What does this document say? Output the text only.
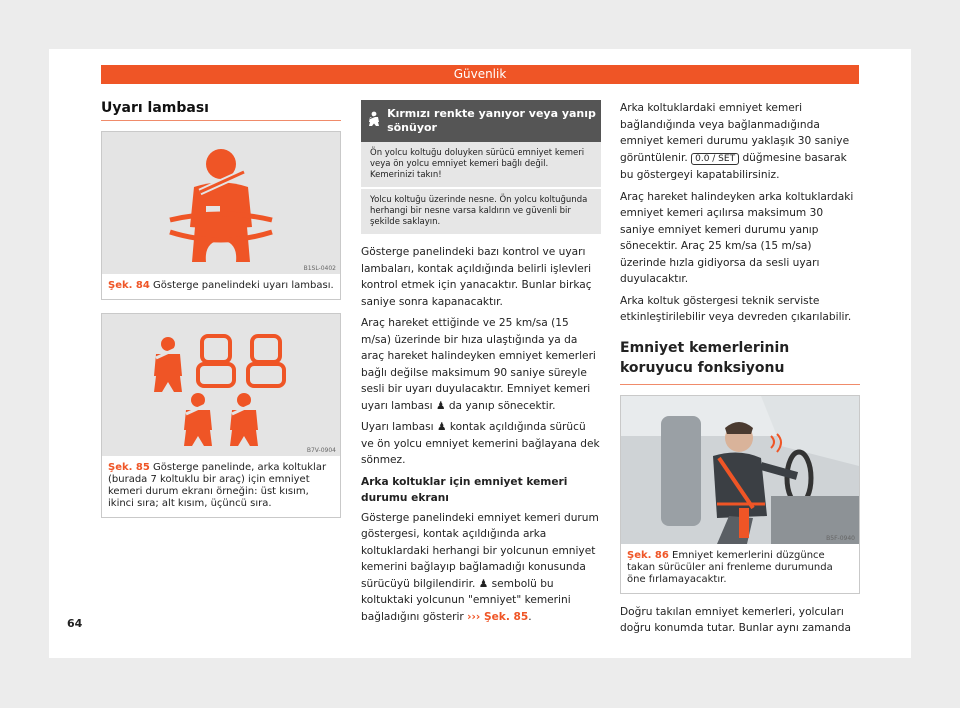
Güvenlik
Uyarı lambası
B1SL-0402
Şek. 84 Gösterge panelindeki uyarı lambası.
B7V-0904
Şek. 85 Gösterge panelinde, arka koltuklar (burada 7 koltuklu bir araç) için emniyet kemeri durum ekranı örneğin: üst kısım, ikinci sıra; alt kısım, üçüncü sıra.
Kırmızı renkte yanıyor veya yanıp sönüyor
Ön yolcu koltuğu doluyken sürücü emniyet kemeri veya ön yolcu emniyet kemeri bağlı değil. Kemerinizi takın!
Yolcu koltuğu üzerinde nesne. Ön yolcu koltuğunda herhangi bir nesne varsa kaldırın ve güvenli bir şekilde saklayın.

Gösterge panelindeki bazı kontrol ve uyarı lambaları, kontak açıldığında belirli işlevleri kontrol etmek için yanacaktır. Bunlar birkaç saniye sonra kapanacaktır.

Araç hareket ettiğinde ve 25 km/sa (15 m/sa) üzerinde bir hıza ulaştığında ya da araç hareket halindeyken emniyet kemerleri bağlı değilse maksimum 90 saniye süreyle sesli bir uyarı duyulacaktır. Emniyet kemeri uyarı lambası ♟ da yanıp sönecektir.

Uyarı lambası ♟ kontak açıldığında sürücü ve ön yolcu emniyet kemerini bağlayana dek sönmez.

Arka koltuklar için emniyet kemeri durumu ekranı

Gösterge panelindeki emniyet kemeri durum göstergesi, kontak açıldığında arka koltuklardaki herhangi bir yolcunun emniyet kemerini bağlayıp bağlamadığı konusunda sürücüyü bilgilendirir. ♟ sembolü bu koltuktaki yolcunun "emniyet" kemerini bağladığını gösterir ››› Şek. 85.

Arka koltuklardaki emniyet kemeri bağlandığında veya bağlanmadığında emniyet kemeri durumu yaklaşık 30 saniye görüntülenir. 0.0 / SET düğmesine basarak bu göstergeyi kapatabilirsiniz.

Araç hareket halindeyken arka koltuklardaki emniyet kemeri açılırsa maksimum 30 saniye emniyet kemeri durumu yanıp sönecektir. Araç 25 km/sa (15 m/sa) üzerinde hızla gidiyorsa da sesli uyarı duyulacaktır.

Arka koltuk göstergesi teknik serviste etkinleştirilebilir veya devreden çıkarılabilir.

Emniyet kemerlerinin koruyucu fonksiyonu
B5F-0940
Şek. 86 Emniyet kemerlerini düzgünce takan sürücüler ani frenleme durumunda öne fırlamayacaktır.

Doğru takılan emniyet kemerleri, yolcuları doğru konumda tutar. Bunlar aynı zamanda

64
